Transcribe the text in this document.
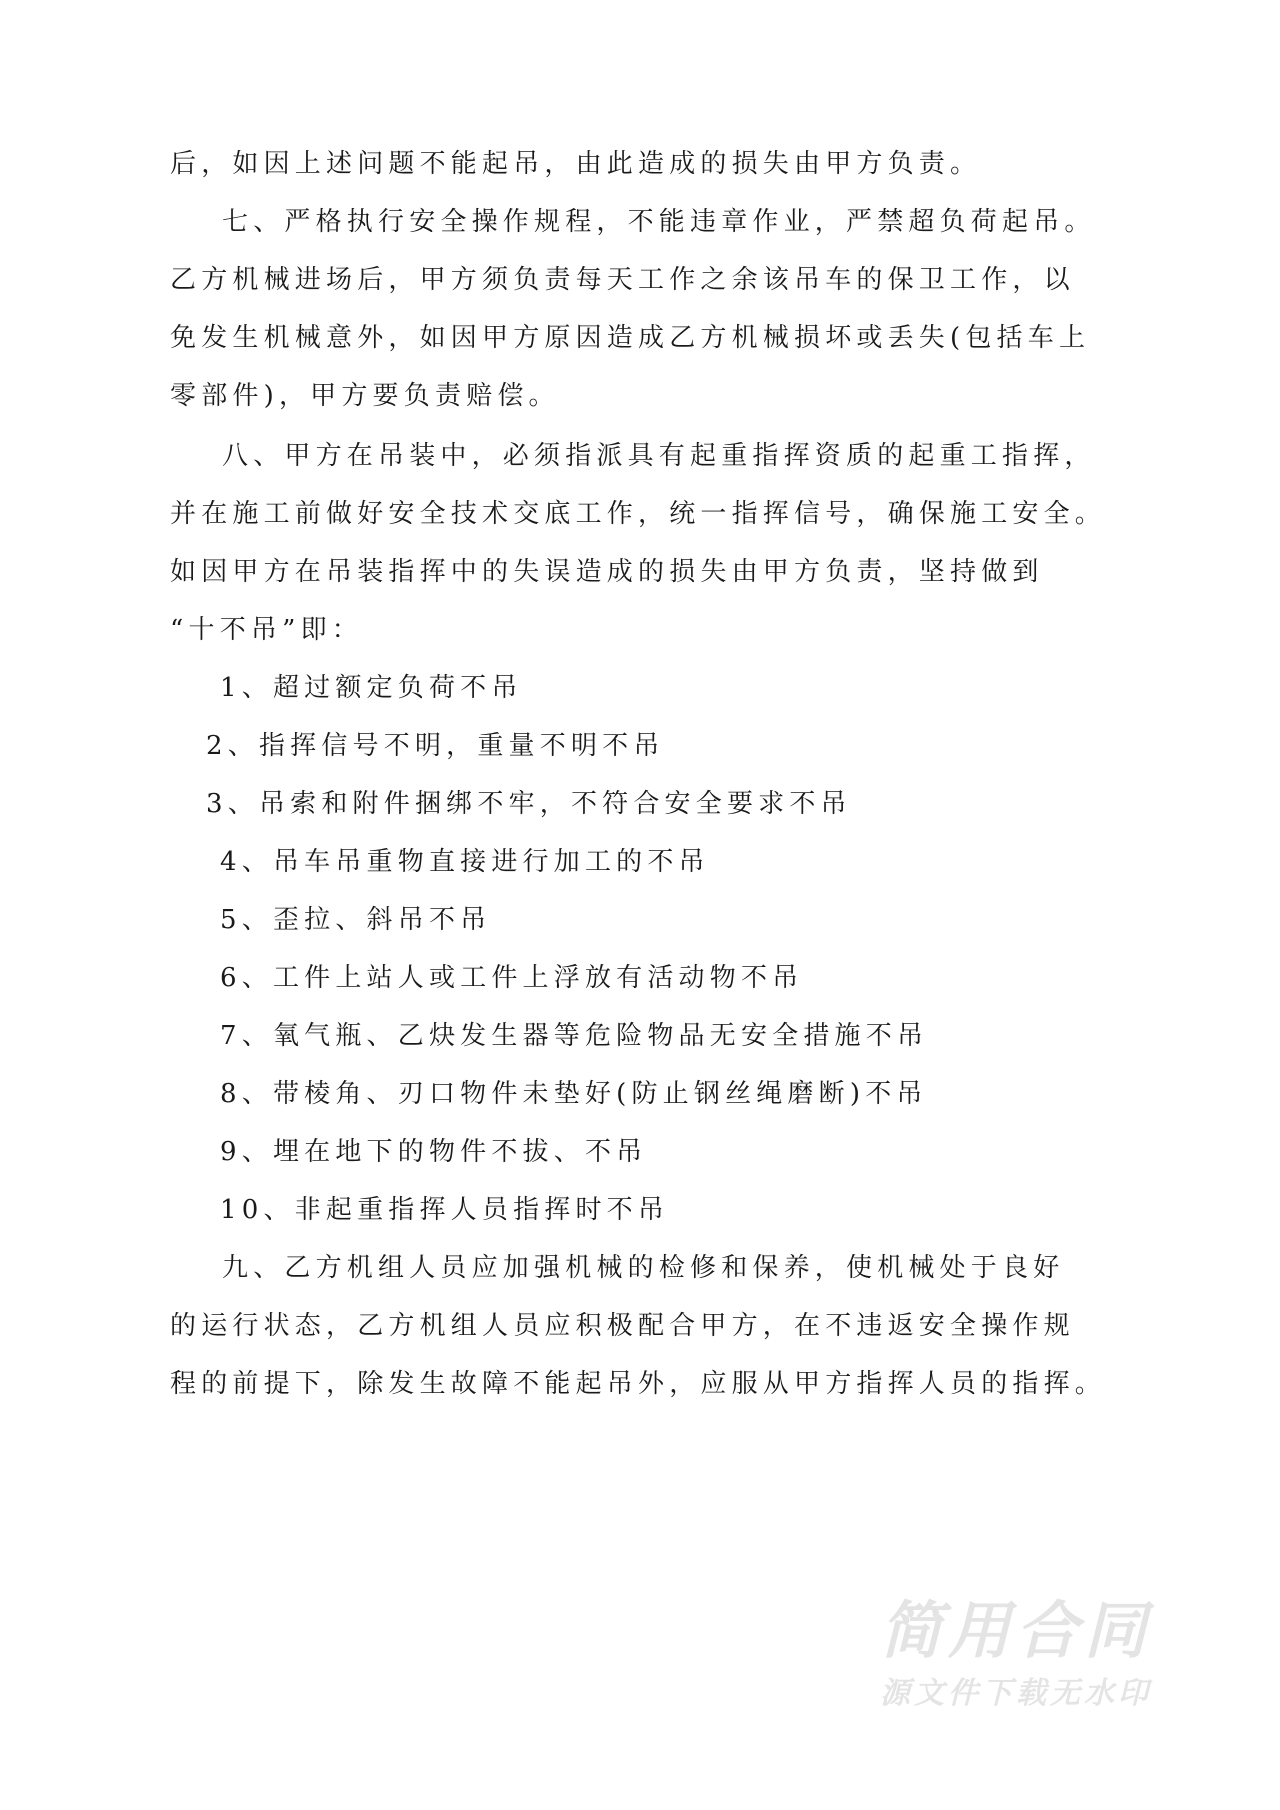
后，如因上述问题不能起吊，由此造成的损失由甲方负责。
七、严格执行安全操作规程，不能违章作业，严禁超负荷起吊。
乙方机械进场后，甲方须负责每天工作之余该吊车的保卫工作，以
免发生机械意外，如因甲方原因造成乙方机械损坏或丢失(包括车上
零部件)，甲方要负责赔偿。
八、甲方在吊装中，必须指派具有起重指挥资质的起重工指挥，
并在施工前做好安全技术交底工作，统一指挥信号，确保施工安全。
如因甲方在吊装指挥中的失误造成的损失由甲方负责，坚持做到
“十不吊”即：
1、超过额定负荷不吊
2、指挥信号不明，重量不明不吊
3、吊索和附件捆绑不牢，不符合安全要求不吊
4、吊车吊重物直接进行加工的不吊
5、歪拉、斜吊不吊
6、工件上站人或工件上浮放有活动物不吊
7、氧气瓶、乙炔发生器等危险物品无安全措施不吊
8、带棱角、刃口物件未垫好(防止钢丝绳磨断)不吊
9、埋在地下的物件不拔、不吊
10、非起重指挥人员指挥时不吊
九、乙方机组人员应加强机械的检修和保养，使机械处于良好
的运行状态，乙方机组人员应积极配合甲方，在不违返安全操作规
程的前提下，除发生故障不能起吊外，应服从甲方指挥人员的指挥。
简用合同
源文件下载无水印
